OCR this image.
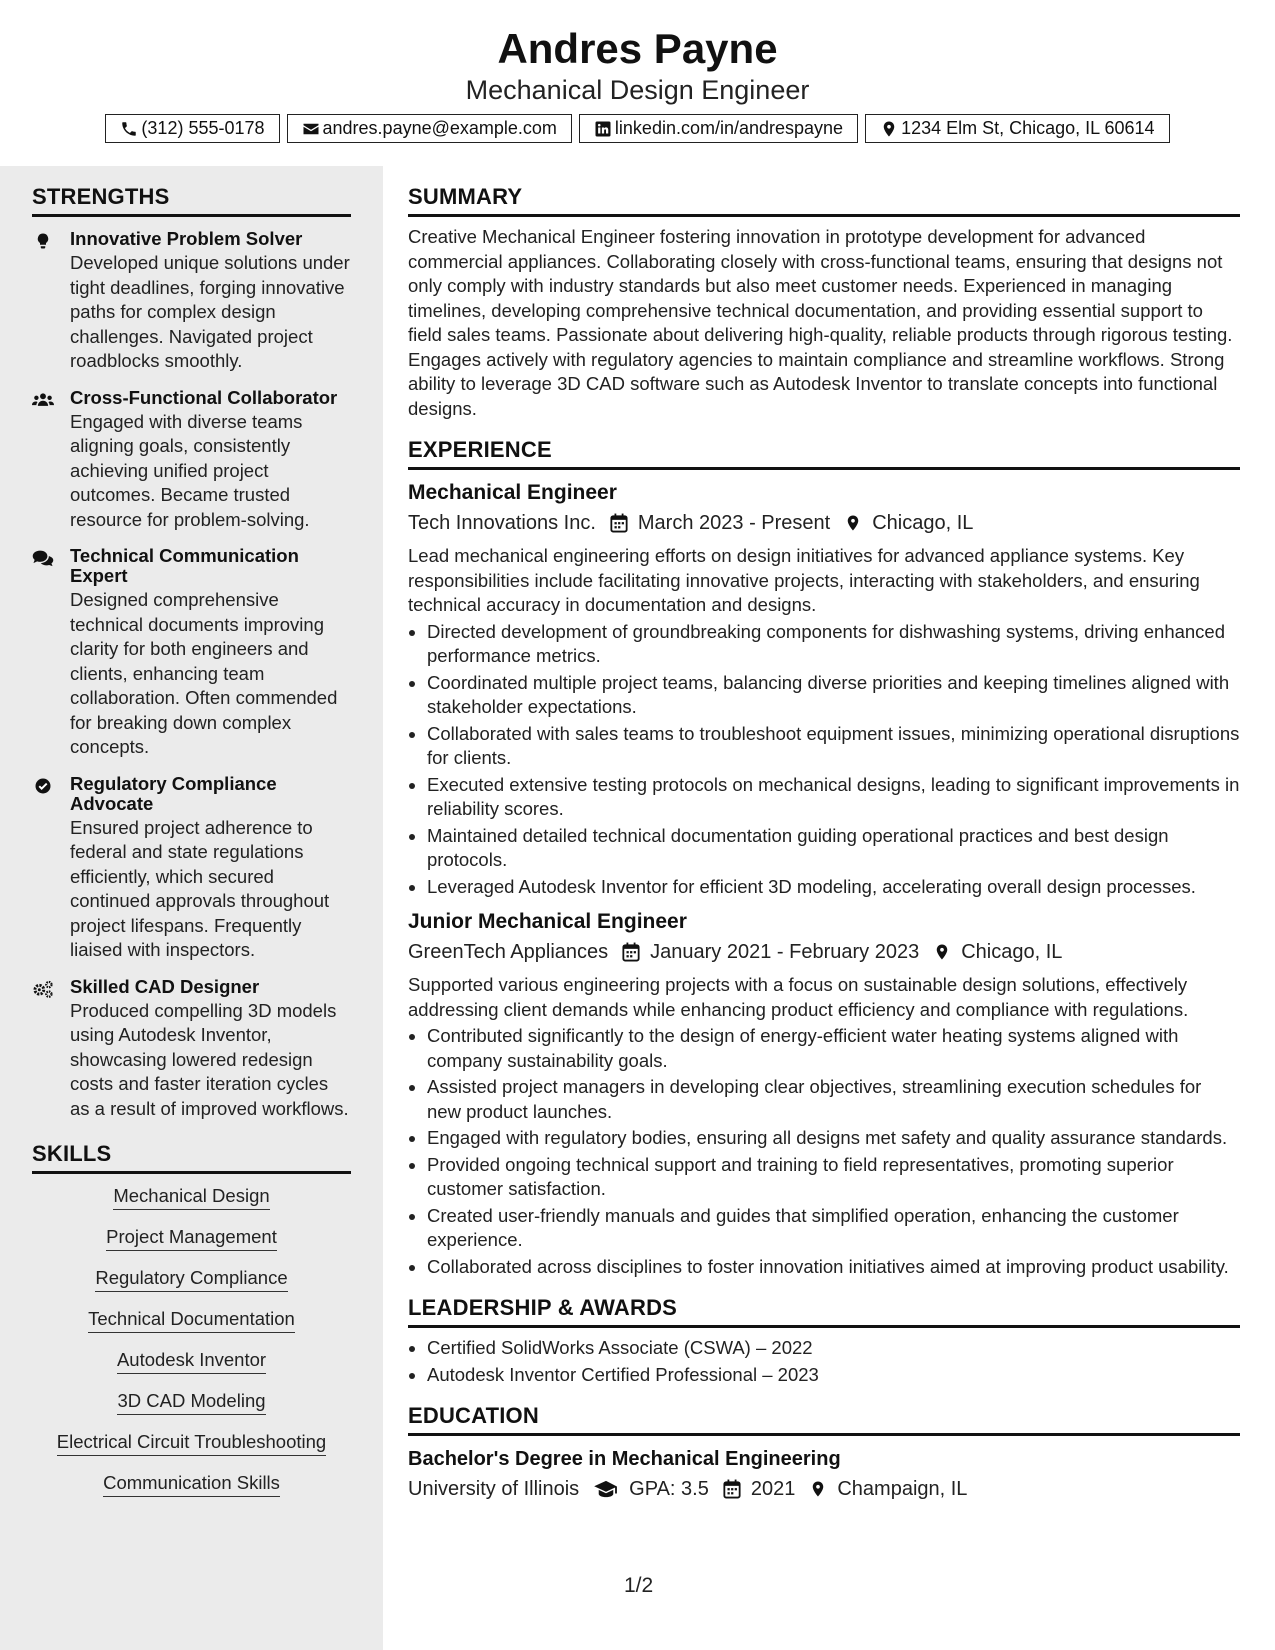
Andres Payne
Mechanical Design Engineer
(312) 555-0178	andres.payne@example.com	linkedin.com/in/andrespayne	1234 Elm St, Chicago, IL 60614
STRENGTHS
Innovative Problem Solver
Developed unique solutions under tight deadlines, forging innovative paths for complex design challenges. Navigated project roadblocks smoothly.
Cross-Functional Collaborator
Engaged with diverse teams aligning goals, consistently achieving unified project outcomes. Became trusted resource for problem-solving.
Technical Communication Expert
Designed comprehensive technical documents improving clarity for both engineers and clients, enhancing team collaboration. Often commended for breaking down complex concepts.
Regulatory Compliance Advocate
Ensured project adherence to federal and state regulations efficiently, which secured continued approvals throughout project lifespans. Frequently liaised with inspectors.
Skilled CAD Designer
Produced compelling 3D models using Autodesk Inventor, showcasing lowered redesign costs and faster iteration cycles as a result of improved workflows.
SKILLS
Mechanical Design
Project Management
Regulatory Compliance
Technical Documentation
Autodesk Inventor
3D CAD Modeling
Electrical Circuit Troubleshooting
Communication Skills
SUMMARY
Creative Mechanical Engineer fostering innovation in prototype development for advanced commercial appliances. Collaborating closely with cross-functional teams, ensuring that designs not only comply with industry standards but also meet customer needs. Experienced in managing timelines, developing comprehensive technical documentation, and providing essential support to field sales teams. Passionate about delivering high-quality, reliable products through rigorous testing. Engages actively with regulatory agencies to maintain compliance and streamline workflows. Strong ability to leverage 3D CAD software such as Autodesk Inventor to translate concepts into functional designs.
EXPERIENCE
Mechanical Engineer
Tech Innovations Inc. March 2023 - Present Chicago, IL
Lead mechanical engineering efforts on design initiatives for advanced appliance systems. Key responsibilities include facilitating innovative projects, interacting with stakeholders, and ensuring technical accuracy in documentation and designs.
• Directed development of groundbreaking components for dishwashing systems, driving enhanced performance metrics.
• Coordinated multiple project teams, balancing diverse priorities and keeping timelines aligned with stakeholder expectations.
• Collaborated with sales teams to troubleshoot equipment issues, minimizing operational disruptions for clients.
• Executed extensive testing protocols on mechanical designs, leading to significant improvements in reliability scores.
• Maintained detailed technical documentation guiding operational practices and best design protocols.
• Leveraged Autodesk Inventor for efficient 3D modeling, accelerating overall design processes.
Junior Mechanical Engineer
GreenTech Appliances January 2021 - February 2023 Chicago, IL
Supported various engineering projects with a focus on sustainable design solutions, effectively addressing client demands while enhancing product efficiency and compliance with regulations.
• Contributed significantly to the design of energy-efficient water heating systems aligned with company sustainability goals.
• Assisted project managers in developing clear objectives, streamlining execution schedules for new product launches.
• Engaged with regulatory bodies, ensuring all designs met safety and quality assurance standards.
• Provided ongoing technical support and training to field representatives, promoting superior customer satisfaction.
• Created user-friendly manuals and guides that simplified operation, enhancing the customer experience.
• Collaborated across disciplines to foster innovation initiatives aimed at improving product usability.
LEADERSHIP & AWARDS
• Certified SolidWorks Associate (CSWA) – 2022
• Autodesk Inventor Certified Professional – 2023
EDUCATION
Bachelor's Degree in Mechanical Engineering
University of Illinois	GPA: 3.5 2021 Champaign, IL
1/2
